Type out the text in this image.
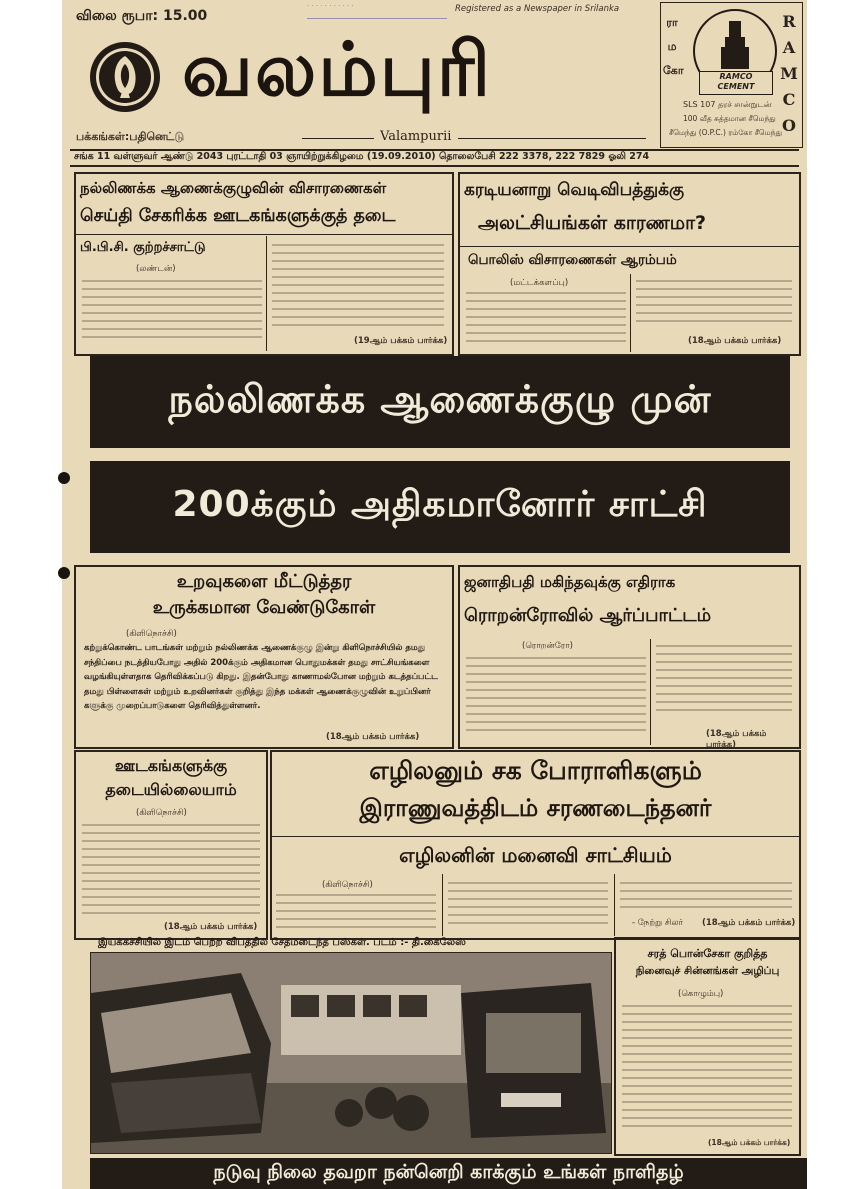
விலை ரூபா: 15.00
· · · · · · · · · · ·	Registered as a Newspaper in Srilanka
வலம்புரி
பக்கங்கள்:பதினெட்டு	Valampurii
ரா
ம
கோ	RAMCO CEMENT
SLS 107 தரச் சான்றுடன்
100 வீத சுத்தமான சீமெந்து
சீமெந்து (O.P.C.) ரம்கோ சீமெந்து
R
A
M
C
O
சங்க 11 வள்ளுவர் ஆண்டு 2043 புரட்டாதி 03 ஞாயிற்றுக்கிழமை (19.09.2010) தொலைபேசி 222 3378, 222 7829 ஓலி 274
நல்லிணக்க ஆணைக்குழுவின் விசாரணைகள்
செய்தி சேகரிக்க ஊடகங்களுக்குத் தடை
பி.பி.சி. குற்றச்சாட்டு
(லண்டன்)
(19ஆம் பக்கம் பார்க்க)
கரடியனாறு வெடிவிபத்துக்கு
அலட்சியங்கள் காரணமா?
பொலிஸ் விசாரணைகள் ஆரம்பம்
(மட்டக்களப்பு)
(18ஆம் பக்கம் பார்க்க)
நல்லிணக்க ஆணைக்குழு முன்
200க்கும் அதிகமானோர் சாட்சி
உறவுகளை மீட்டுத்தர
உருக்கமான வேண்டுகோள்
(கிளிநொச்சி)
கற்றுக்கொண்ட பாடங்கள் மற்றும் நல்லிணக்க ஆணைக்குழு இன்று கிளிநொச்சியில் தமது சந்திப்பை நடத்தியபோது அதில் 200க்கும் அதிகமான பொதுமக்கள் தமது சாட்சியங்களை வழங்கியுள்ளதாக தெரிவிக்கப்படு கிறது. இதன்போது காணாமல்போன மற்றும் கடத்தப்பட்ட தமது பிள்ளைகள் மற்றும் உறவினர்கள் குறித்து இந்த மக்கள் ஆணைக்குழுவின் உறுப்பினர் களுக்கு முறைப்பாடுகளை தெரிவித்துள்ளனர்.
(18ஆம் பக்கம் பார்க்க)
ஜனாதிபதி மகிந்தவுக்கு எதிராக
ரொறன்ரோவில் ஆர்ப்பாட்டம்
(ரொறன்ரோ)
(18ஆம் பக்கம் பார்க்க)
ஊடகங்களுக்கு
தடையில்லையாம்
(கிளிநொச்சி)
(18ஆம் பக்கம் பார்க்க)
எழிலனும் சக போராளிகளும்
இராணுவத்திடம் சரணடைந்தனர்
எழிலனின் மனைவி சாட்சியம்
(கிளிநொச்சி)
- நேற்று சிலர் (18ஆம் பக்கம் பார்க்க)
இயக்கச்சியில் இடம் பெற்ற விபத்தில் சேதமடைந்த பஸ்கள். படம் :- தி.கைலேஸ்
சரத் பொன்சேகா குறித்த
நினைவுச் சின்னங்கள் அழிப்பு
(கொழும்பு)
(18ஆம் பக்கம் பார்க்க)
நடுவு நிலை தவறா நன்னெறி காக்கும் உங்கள் நாளிதழ்
